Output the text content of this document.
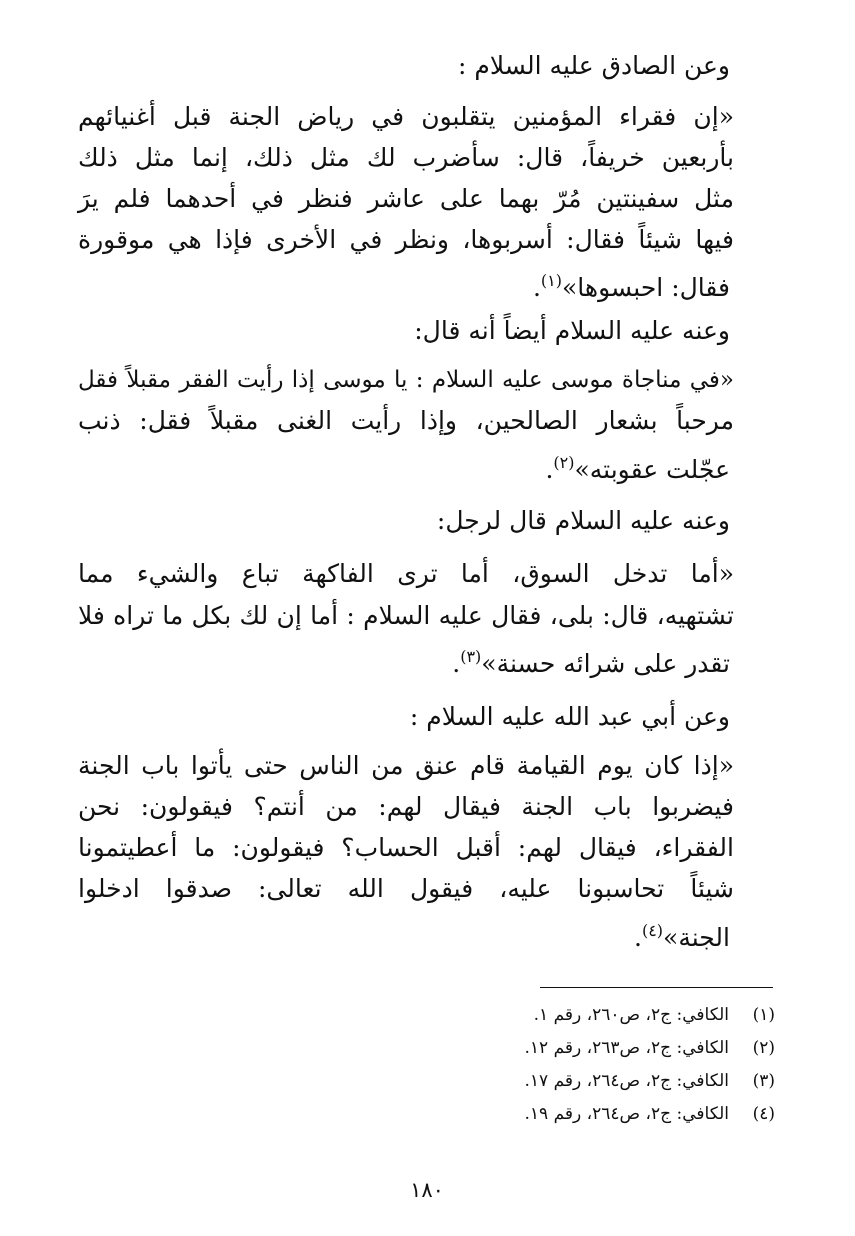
وعن الصادق عليه السلام :
«إن فقراء المؤمنين يتقلبون في رياض الجنة قبل أغنيائهم
بأربعين خريفاً، قال: سأضرب لك مثل ذلك، إنما مثل ذلك
مثل سفينتين مُرّ بهما على عاشر فنظر في أحدهما فلم يرَ
فيها شيئاً فقال: أسربوها، ونظر في الأخرى فإذا هي موقورة
فقال: احبسوها»$^{(١)}$.
وعنه عليه السلام أيضاً أنه قال:
«في مناجاة موسى عليه السلام : يا موسى إذا رأيت الفقر مقبلاً فقل
مرحباً بشعار الصالحين، وإذا رأيت الغنى مقبلاً فقل: ذنب
عجّلت عقوبته»$^{(٢)}$.
وعنه عليه السلام قال لرجل:
«أما تدخل السوق، أما ترى الفاكهة تباع والشيء مما
تشتهيه، قال: بلى، فقال عليه السلام : أما إن لك بكل ما تراه فلا
تقدر على شرائه حسنة»$^{(٣)}$.
وعن أبي عبد الله عليه السلام :
«إذا كان يوم القيامة قام عنق من الناس حتى يأتوا باب الجنة
فيضربوا باب الجنة فيقال لهم: من أنتم؟ فيقولون: نحن
الفقراء، فيقال لهم: أقبل الحساب؟ فيقولون: ما أعطيتمونا
شيئاً تحاسبونا عليه، فيقول الله تعالى: صدقوا ادخلوا
الجنة»$^{(٤)}$.
(١)الكافي: ج٢، ص٢٦٠، رقم ١.
(٢)الكافي: ج٢، ص٢٦٣، رقم ١٢.
(٣)الكافي: ج٢، ص٢٦٤، رقم ١٧.
(٤)الكافي: ج٢، ص٢٦٤، رقم ١٩.
١٨٠
